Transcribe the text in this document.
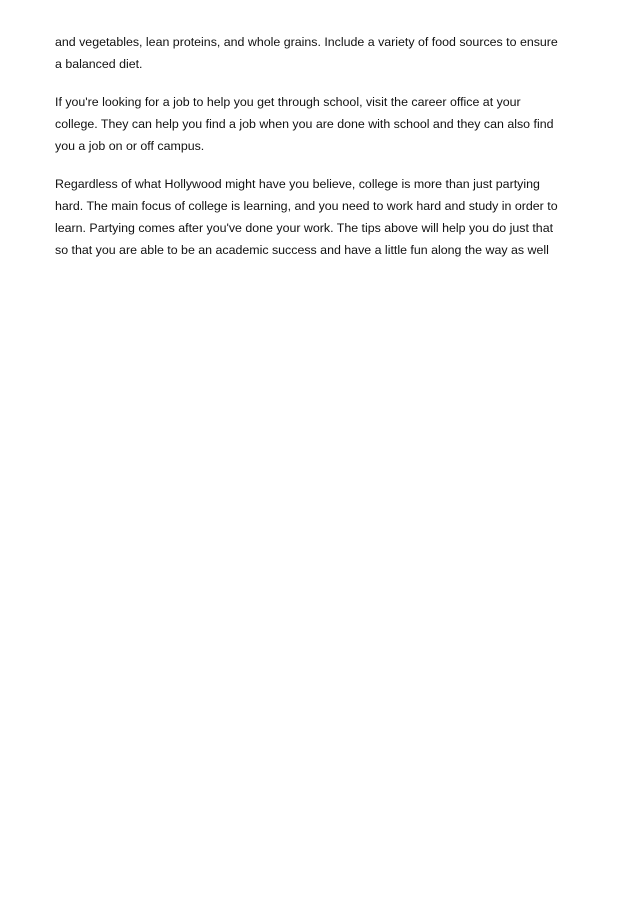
and vegetables, lean proteins, and whole grains. Include a variety of food sources to ensure
a balanced diet.
If you're looking for a job to help you get through school, visit the career office at your
college. They can help you find a job when you are done with school and they can also find
you a job on or off campus.
Regardless of what Hollywood might have you believe, college is more than just partying
hard. The main focus of college is learning, and you need to work hard and study in order to
learn. Partying comes after you've done your work. The tips above will help you do just that
so that you are able to be an academic success and have a little fun along the way as well
